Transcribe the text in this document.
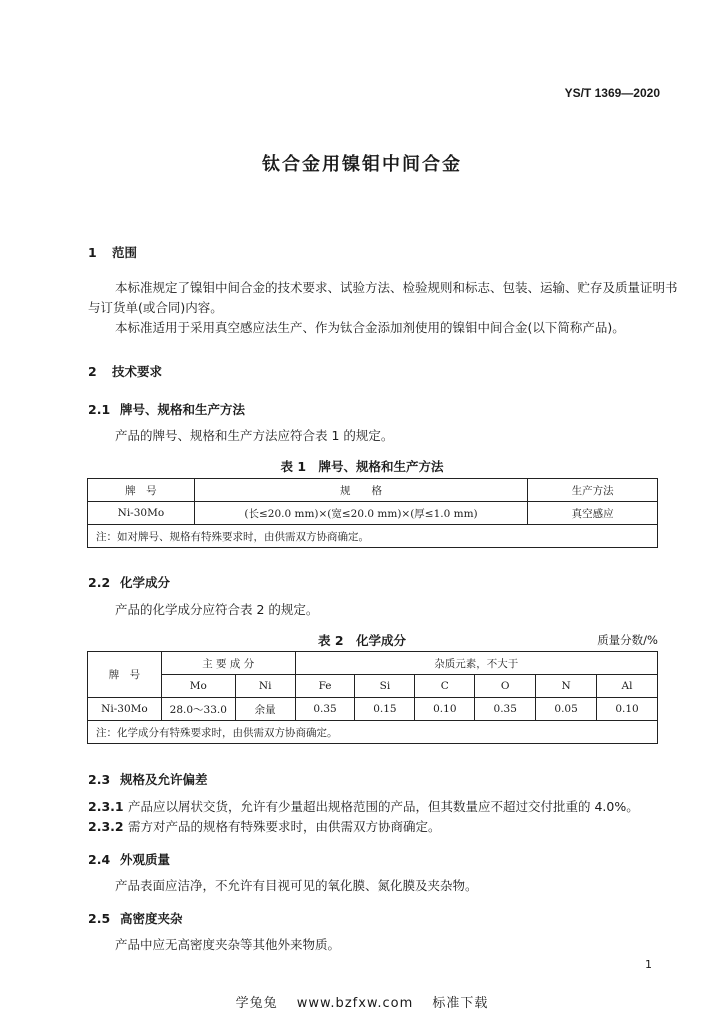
YS/T 1369—2020
钛合金用镍钼中间合金
1 范围
本标准规定了镍钼中间合金的技术要求、试验方法、检验规则和标志、包装、运输、贮存及质量证明书
与订货单(或合同)内容。
本标准适用于采用真空感应法生产、作为钛合金添加剂使用的镍钼中间合金(以下简称产品)。
2 技术要求
2.1 牌号、规格和生产方法
产品的牌号、规格和生产方法应符合表 1 的规定。
表 1　牌号、规格和生产方法
牌　号	规　　格	生产方法
Ni-30Mo	(长≤20.0 mm)×(宽≤20.0 mm)×(厚≤1.0 mm)	真空感应
注：如对牌号、规格有特殊要求时，由供需双方协商确定。		
2.2 化学成分
产品的化学成分应符合表 2 的规定。
表 2　化学成分	质量分数/%
牌　号	主 要 成 分		杂质元素，不大于					
	Mo	Ni	Fe	Si	C	O	N	Al
Ni-30Mo	28.0～33.0	余量	0.35	0.15	0.10	0.35	0.05	0.10
注：化学成分有特殊要求时，由供需双方协商确定。								
2.3 规格及允许偏差
2.3.1 产品应以屑状交货，允许有少量超出规格范围的产品，但其数量应不超过交付批重的 4.0%。
2.3.2 需方对产品的规格有特殊要求时，由供需双方协商确定。
2.4 外观质量
产品表面应洁净，不允许有目视可见的氧化膜、氮化膜及夹杂物。
2.5 高密度夹杂
产品中应无高密度夹杂等其他外来物质。
1
学兔兔　 www.bzfxw.com　 标准下载
